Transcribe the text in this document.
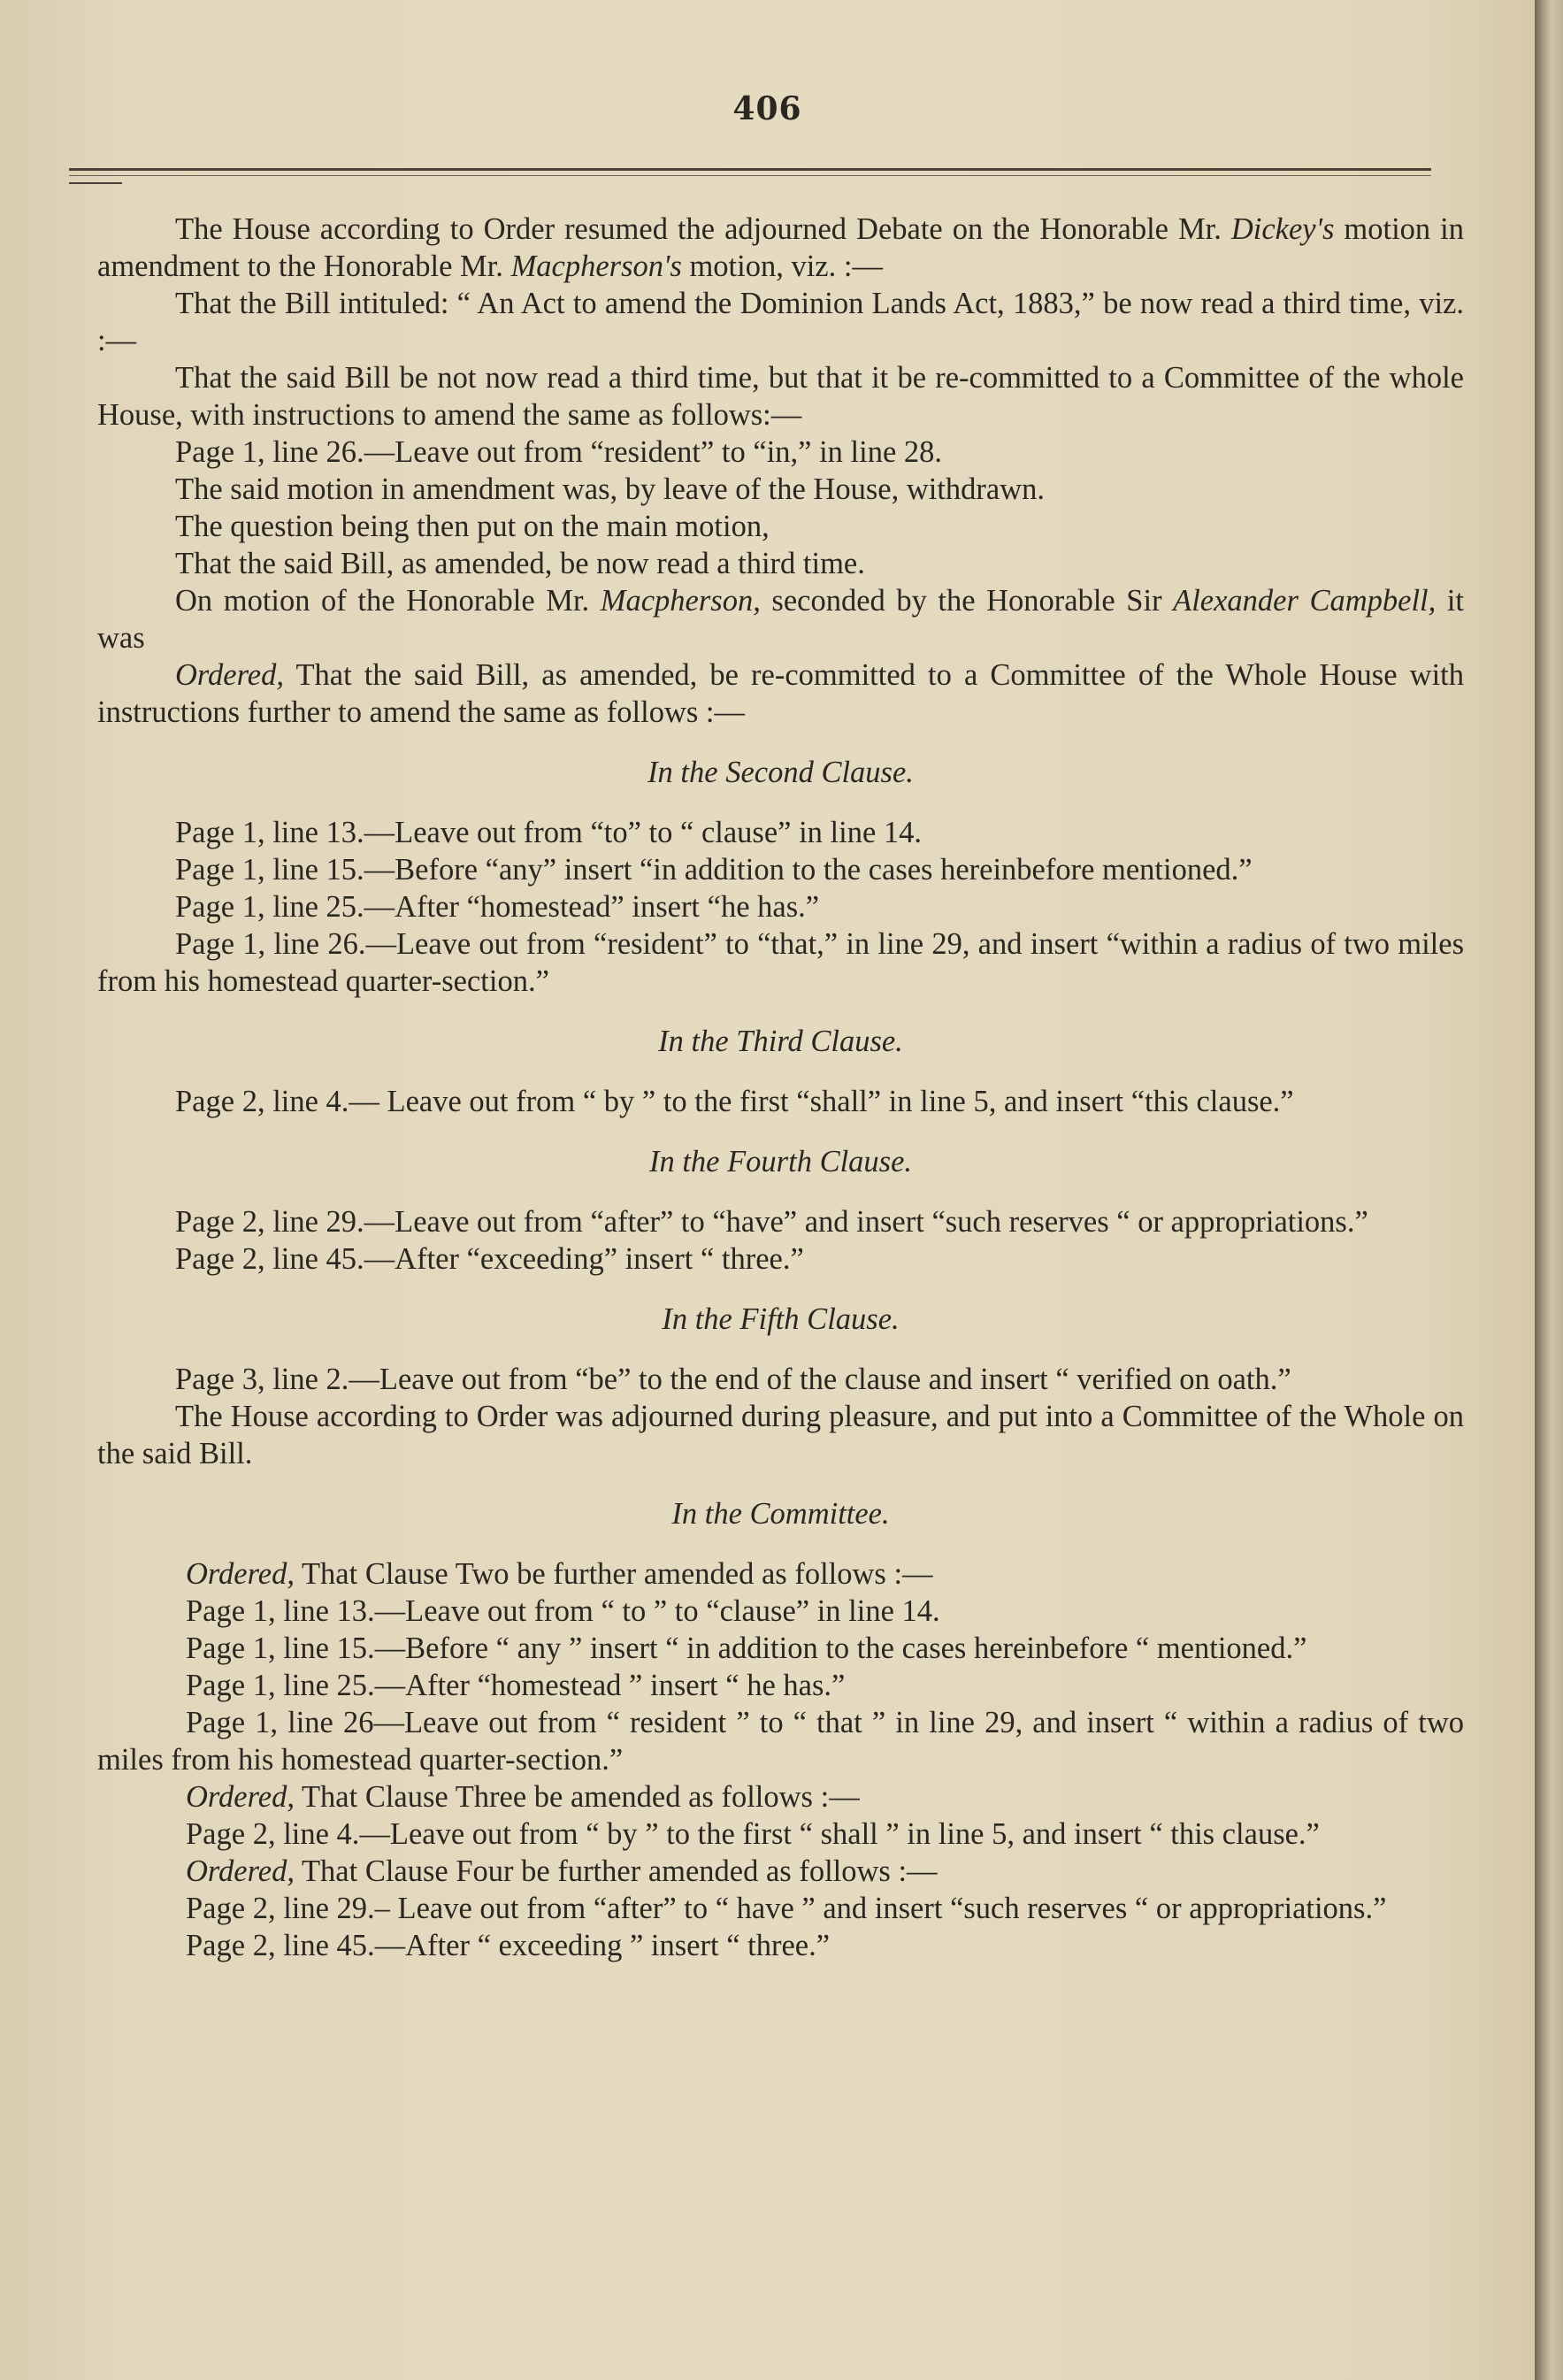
406

The House according to Order resumed the adjourned Debate on the Honorable Mr. Dickey's motion in amendment to the Honorable Mr. Macpherson's motion, viz. :—

That the Bill intituled: “ An Act to amend the Dominion Lands Act, 1883,” be now read a third time, viz. :—

That the said Bill be not now read a third time, but that it be re-committed to a Committee of the whole House, with instructions to amend the same as follows:—

Page 1, line 26.—Leave out from “resident” to “in,” in line 28.

The said motion in amendment was, by leave of the House, withdrawn.

The question being then put on the main motion,

That the said Bill, as amended, be now read a third time.

On motion of the Honorable Mr. Macpherson, seconded by the Honorable Sir Alexander Campbell, it was

Ordered, That the said Bill, as amended, be re-committed to a Committee of the Whole House with instructions further to amend the same as follows :—

In the Second Clause.

Page 1, line 13.—Leave out from “to” to “ clause” in line 14.

Page 1, line 15.—Before “any” insert “in addition to the cases hereinbefore mentioned.”

Page 1, line 25.—After “homestead” insert “he has.”

Page 1, line 26.—Leave out from “resident” to “that,” in line 29, and insert “within a radius of two miles from his homestead quarter-section.”

In the Third Clause.

Page 2, line 4.— Leave out from “ by ” to the first “shall” in line 5, and insert “this clause.”

In the Fourth Clause.

Page 2, line 29.—Leave out from “after” to “have” and insert “such reserves “ or appropriations.”

Page 2, line 45.—After “exceeding” insert “ three.”

In the Fifth Clause.

Page 3, line 2.—Leave out from “be” to the end of the clause and insert “ verified on oath.”

The House according to Order was adjourned during pleasure, and put into a Committee of the Whole on the said Bill.

In the Committee.

Ordered, That Clause Two be further amended as follows :—

Page 1, line 13.—Leave out from “ to ” to “clause” in line 14.

Page 1, line 15.—Before “ any ” insert “ in addition to the cases hereinbefore “ mentioned.”

Page 1, line 25.—After “homestead ” insert “ he has.”

Page 1, line 26—Leave out from “ resident ” to “ that ” in line 29, and insert “ within a radius of two miles from his homestead quarter-section.”

Ordered, That Clause Three be amended as follows :—

Page 2, line 4.—Leave out from “ by ” to the first “ shall ” in line 5, and insert “ this clause.”

Ordered, That Clause Four be further amended as follows :—

Page 2, line 29.– Leave out from “after” to “ have ” and insert “such reserves “ or appropriations.”

Page 2, line 45.—After “ exceeding ” insert “ three.”
